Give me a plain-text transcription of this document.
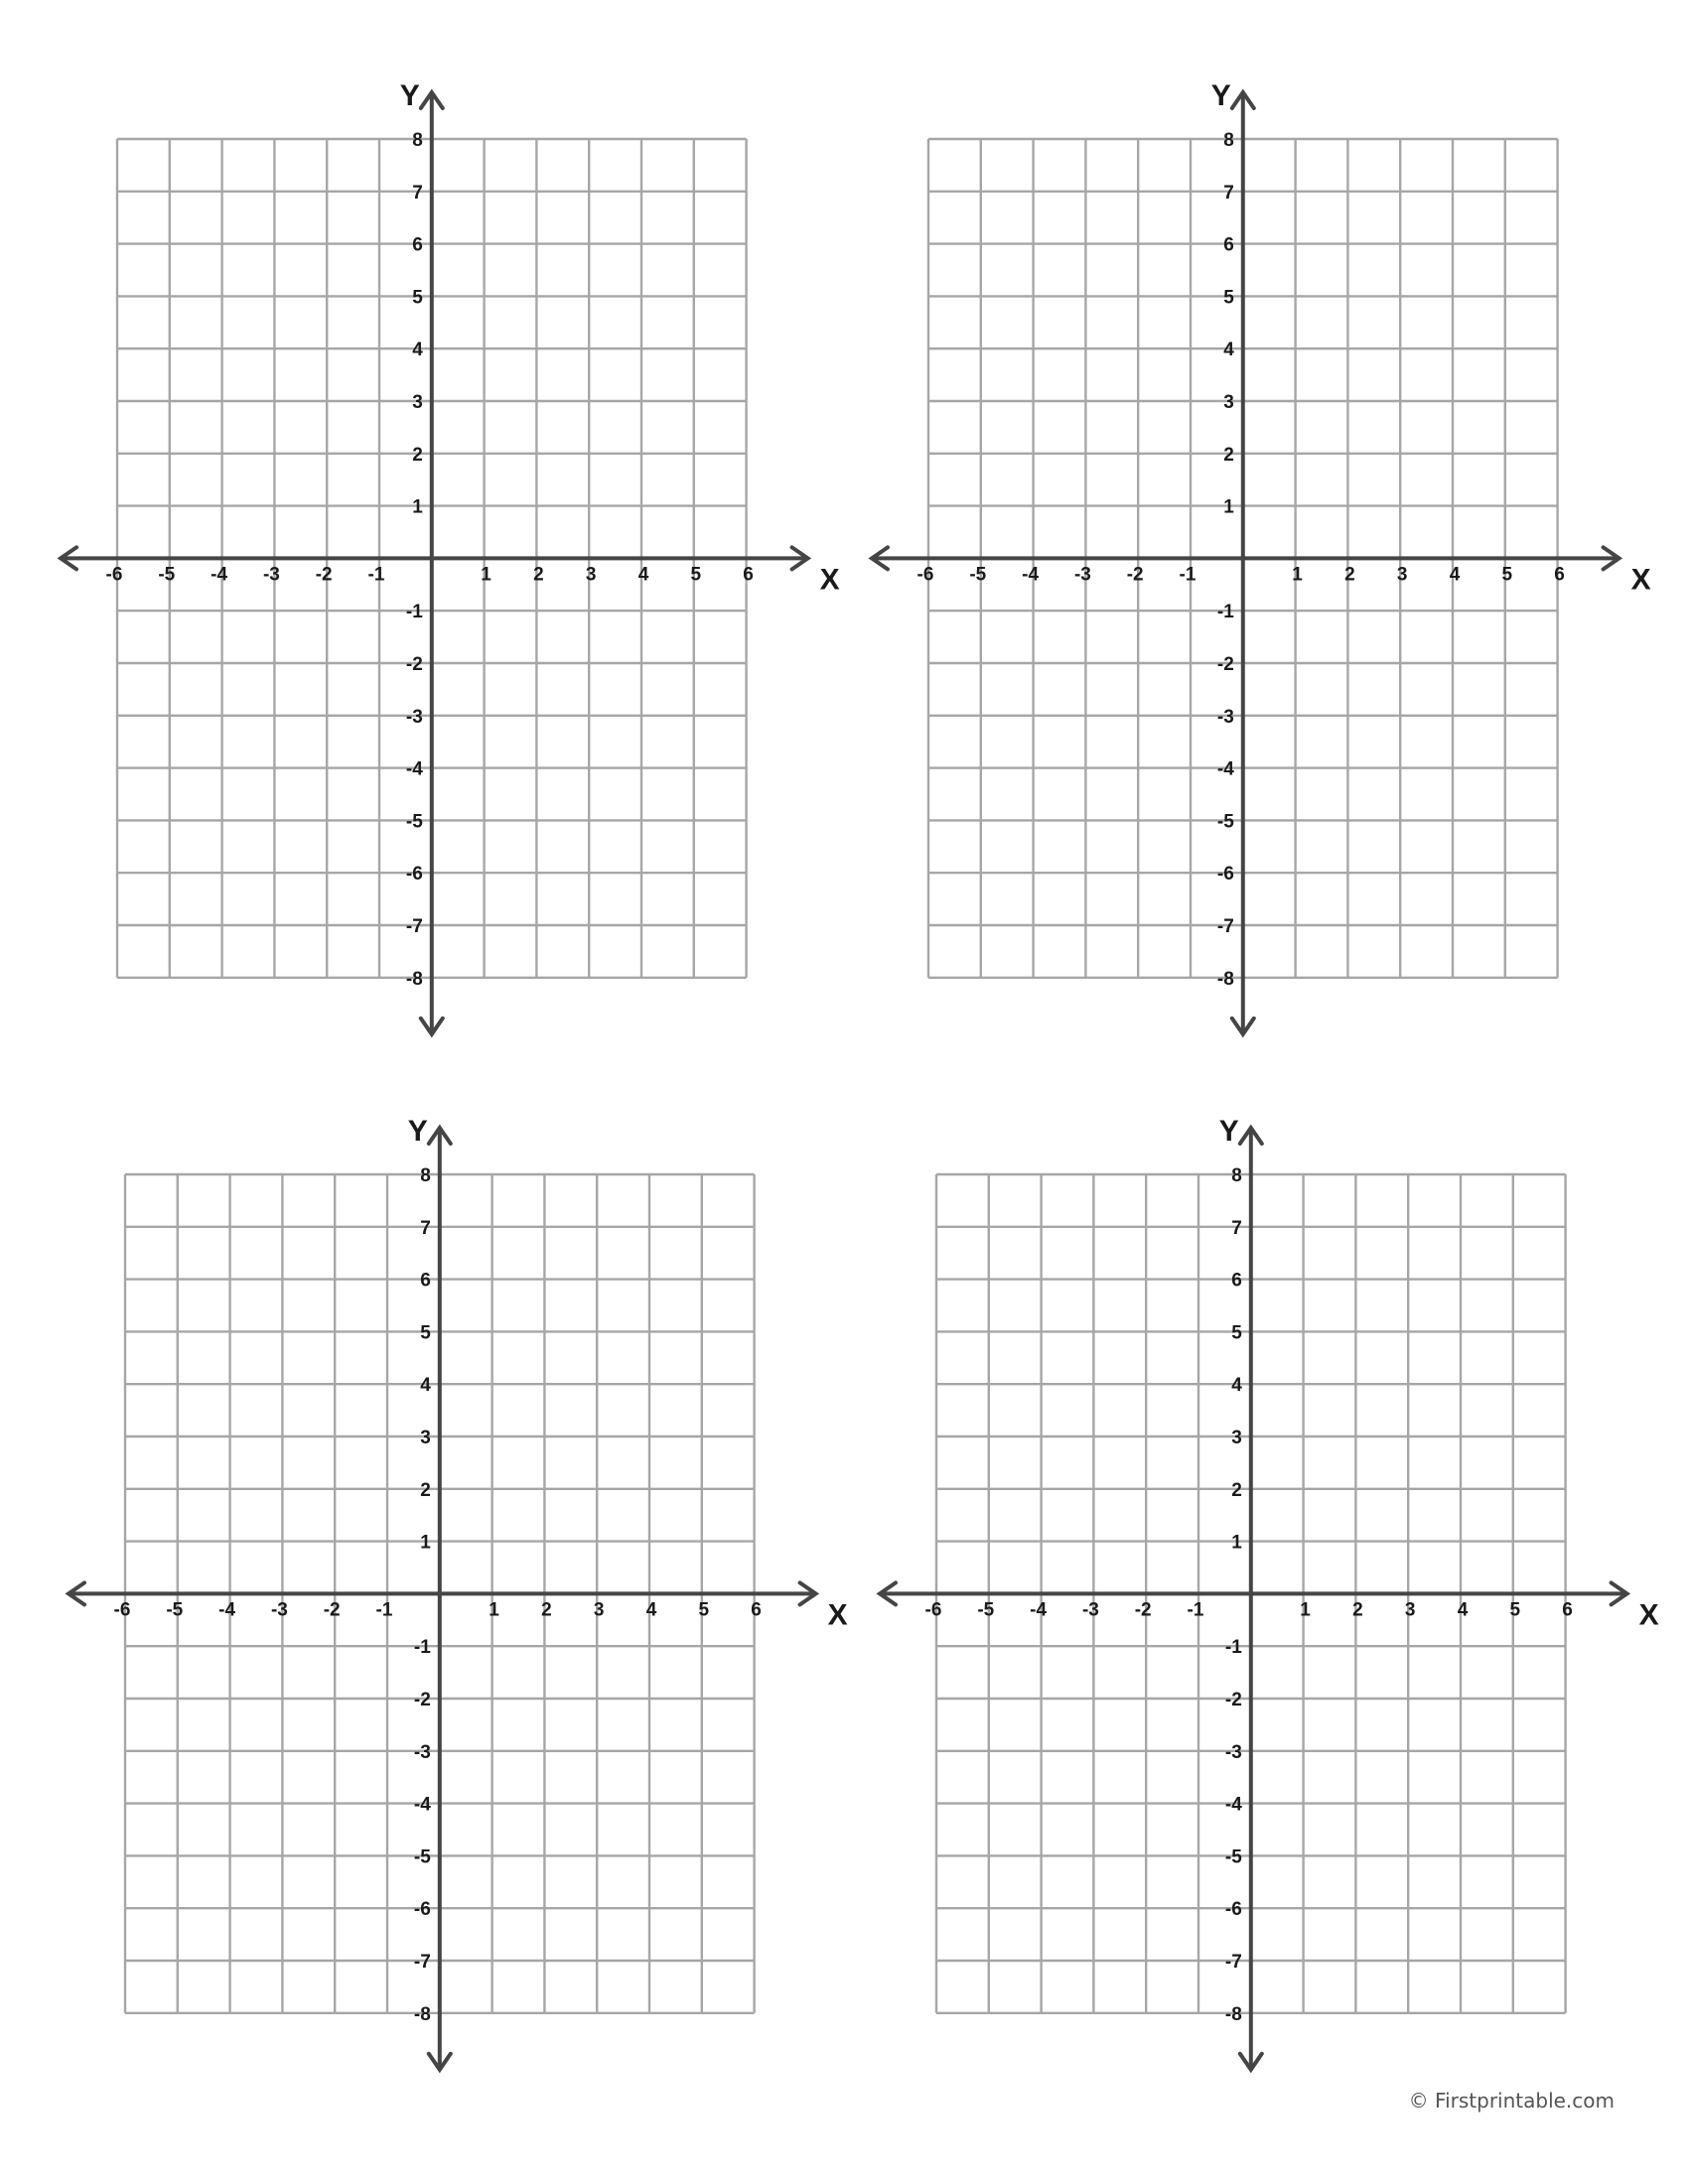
-6 -5 -4 -3 -2 -1	1 2 3 4 5 6
8
7
6
5
4
3
2
1
-1
-2
-3
-4
-5
-6
-7
-8
X
Y
-6 -5 -4 -3 -2 -1	1 2 3 4 5 6
8
7
6
5
4
3
2
1
-1
-2
-3
-4
-5
-6
-7
-8
X
Y
-6 -5 -4 -3 -2 -1	1 2 3 4 5 6
8
7
6
5
4
3
2
1
-1
-2
-3
-4
-5
-6
-7
-8
X
Y
-6 -5 -4 -3 -2 -1	1 2 3 4 5 6
8
7
6
5
4
3
2
1
-1
-2
-3
-4
-5
-6
-7
-8
X
Y
© Firstprintable.com
